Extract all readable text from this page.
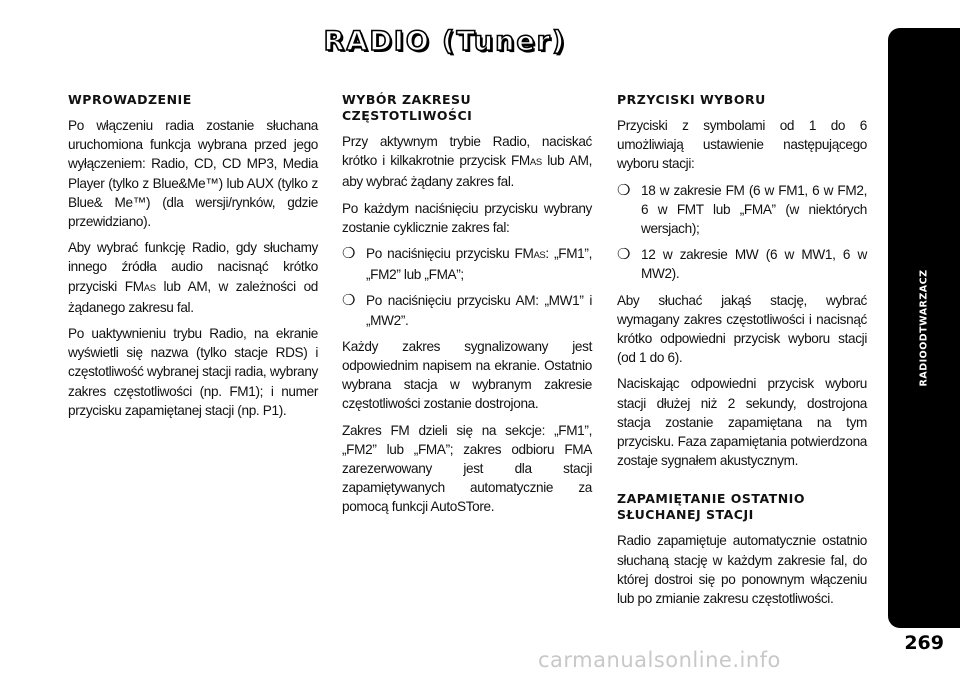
RADIO (Tuner)
WPROWADZENIE

Po włączeniu radia zostanie słuchana uruchomiona funkcja wybrana przed jego wyłączeniem: Radio, CD, CD MP3, Media Player (tylko z Blue&Me™) lub AUX (tylko z Blue& Me™) (dla wersji/rynków, gdzie przewidziano).

Aby wybrać funkcję Radio, gdy słuchamy innego źródła audio nacisnąć krótko przyciski FMAS lub AM, w zależności od żądanego zakresu fal.

Po uaktywnieniu trybu Radio, na ekranie wyświetli się nazwa (tylko stacje RDS) i częstotliwość wybranej stacji radia, wybrany zakres częstotliwości (np. FM1); i numer przycisku zapamiętanej stacji (np. P1).

WYBÓR ZAKRESU
CZĘSTOTLIWOŚCI

Przy aktywnym trybie Radio, naciskać krótko i kilkakrotnie przycisk FMAS lub AM, aby wybrać żądany zakres fal.

Po każdym naciśnięciu przycisku wybrany zostanie cyklicznie zakres fal:

❍ Po naciśnięciu przycisku FMAS: „FM1”, „FM2” lub „FMA”;
❍ Po naciśnięciu przycisku AM: „MW1” i „MW2”.

Każdy zakres sygnalizowany jest odpowiednim napisem na ekranie. Ostatnio wybrana stacja w wybranym zakresie częstotliwości zostanie dostrojona.

Zakres FM dzieli się na sekcje: „FM1”, „FM2” lub „FMA”; zakres odbioru FMA zarezerwowany jest dla stacji zapamiętywanych automatycznie za pomocą funkcji AutoSTore.

PRZYCISKI WYBORU

Przyciski z symbolami od 1 do 6 umożliwiają ustawienie następującego wyboru stacji:

❍ 18 w zakresie FM (6 w FM1, 6 w FM2, 6 w FMT lub „FMA” (w niektórych wersjach);
❍ 12 w zakresie MW (6 w MW1, 6 w MW2).

Aby słuchać jakąś stację, wybrać wymagany zakres częstotliwości i nacisnąć krótko odpowiedni przycisk wyboru stacji (od 1 do 6).

Naciskając odpowiedni przycisk wyboru stacji dłużej niż 2 sekundy, dostrojona stacja zostanie zapamiętana na tym przycisku. Faza zapamiętania potwierdzona zostaje sygnałem akustycznym.

ZAPAMIĘTANIE OSTATNIO
SŁUCHANEJ STACJI

Radio zapamiętuje automatycznie ostatnio słuchaną stację w każdym zakresie fal, do której dostroi się po ponownym włączeniu lub po zmianie zakresu częstotliwości.

RADIOODTWARZACZ
269
carmanualsonline.info
